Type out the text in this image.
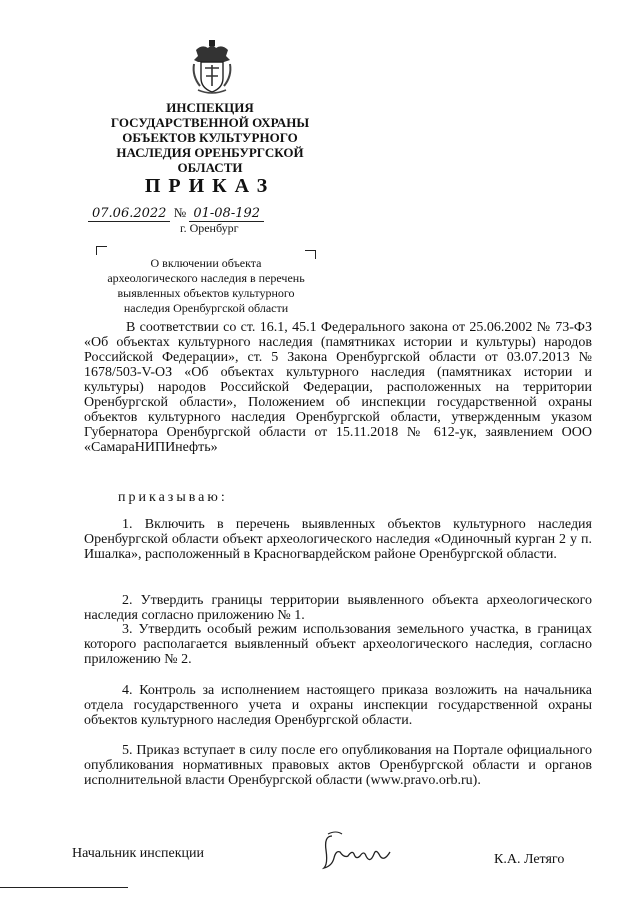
ИНСПЕКЦИЯ
ГОСУДАРСТВЕННОЙ ОХРАНЫ
ОБЪЕКТОВ КУЛЬТУРНОГО
НАСЛЕДИЯ ОРЕНБУРГСКОЙ
ОБЛАСТИ
ПРИКАЗ
07.06.2022 № 01-08-192
г. Оренбург
О включении объекта
археологического наследия в перечень
выявленных объектов культурного
наследия Оренбургской области
В соответствии со ст. 16.1, 45.1 Федерального закона от 25.06.2002 № 73-ФЗ «Об объектах культурного наследия (памятниках истории и культуры) народов Российской Федерации», ст. 5 Закона Оренбургской области от 03.07.2013 № 1678/503-V-ОЗ «Об объектах культурного наследия (памятниках истории и культуры) народов Российской Федерации, расположенных на территории Оренбургской области», Положением об инспекции государственной охраны объектов культурного наследия Оренбургской области, утвержденным указом Губернатора Оренбургской области от 15.11.2018 № 612-ук, заявлением ООО «СамараНИПИнефть»
приказываю:
1. Включить в перечень выявленных объектов культурного наследия Оренбургской области объект археологического наследия «Одиночный курган 2 у п. Ишалка», расположенный в Красногвардейском районе Оренбургской области.
2. Утвердить границы территории выявленного объекта археологического наследия согласно приложению № 1.
3. Утвердить особый режим использования земельного участка, в границах которого располагается выявленный объект археологического наследия, согласно приложению № 2.
4. Контроль за исполнением настоящего приказа возложить на начальника отдела государственного учета и охраны инспекции государственной охраны объектов культурного наследия Оренбургской области.
5. Приказ вступает в силу после его опубликования на Портале официального опубликования нормативных правовых актов Оренбургской области и органов исполнительной власти Оренбургской области (www.pravo.orb.ru).
Начальник инспекции	К.А. Летяго
